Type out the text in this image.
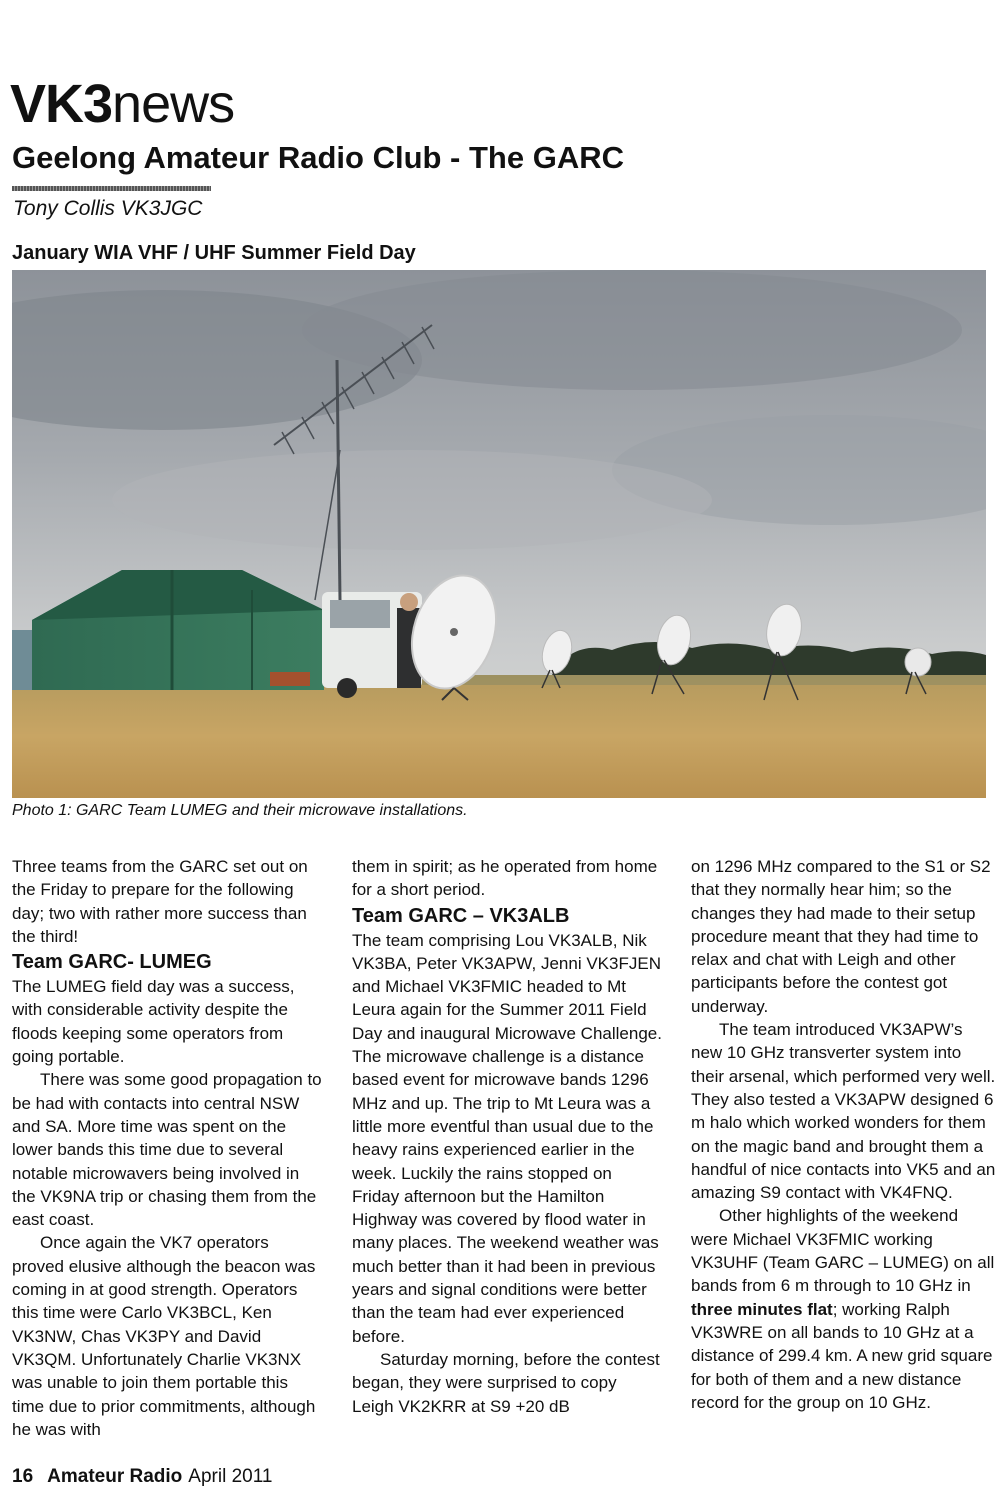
VK3news
Geelong Amateur Radio Club - The GARC
Tony Collis VK3JGC
January WIA VHF / UHF Summer Field Day
Photo 1: GARC Team LUMEG and their microwave installations.

Three teams from the GARC set out on the Friday to prepare for the following day; two with rather more success than the third!

Team GARC- LUMEG

The LUMEG field day was a success, with considerable activity despite the floods keeping some operators from going portable.

There was some good propagation to be had with contacts into central NSW and SA. More time was spent on the lower bands this time due to several notable microwavers being involved in the VK9NA trip or chasing them from the east coast.

Once again the VK7 operators proved elusive although the beacon was coming in at good strength. Operators this time were Carlo VK3BCL, Ken VK3NW, Chas VK3PY and David VK3QM. Unfortunately Charlie VK3NX was unable to join them portable this time due to prior commitments, although he was with

them in spirit; as he operated from home for a short period.

Team GARC – VK3ALB

The team comprising Lou VK3ALB, Nik VK3BA, Peter VK3APW, Jenni VK3FJEN and Michael VK3FMIC headed to Mt Leura again for the Summer 2011 Field Day and inaugural Microwave Challenge. The microwave challenge is a distance based event for microwave bands 1296 MHz and up. The trip to Mt Leura was a little more eventful than usual due to the heavy rains experienced earlier in the week. Luckily the rains stopped on Friday afternoon but the Hamilton Highway was covered by flood water in many places. The weekend weather was much better than it had been in previous years and signal conditions were better than the team had ever experienced before.

Saturday morning, before the contest began, they were surprised to copy Leigh VK2KRR at S9 +20 dB

on 1296 MHz compared to the S1 or S2 that they normally hear him; so the changes they had made to their setup procedure meant that they had time to relax and chat with Leigh and other participants before the contest got underway.

The team introduced VK3APW’s new 10 GHz transverter system into their arsenal, which performed very well. They also tested a VK3APW designed 6 m halo which worked wonders for them on the magic band and brought them a handful of nice contacts into VK5 and an amazing S9 contact with VK4FNQ.

Other highlights of the weekend were Michael VK3FMIC working VK3UHF (Team GARC – LUMEG) on all bands from 6 m through to 10 GHz in three minutes flat; working Ralph VK3WRE on all bands to 10 GHz at a distance of 299.4 km. A new grid square for both of them and a new distance record for the group on 10 GHz.

16 Amateur Radio April 2011
